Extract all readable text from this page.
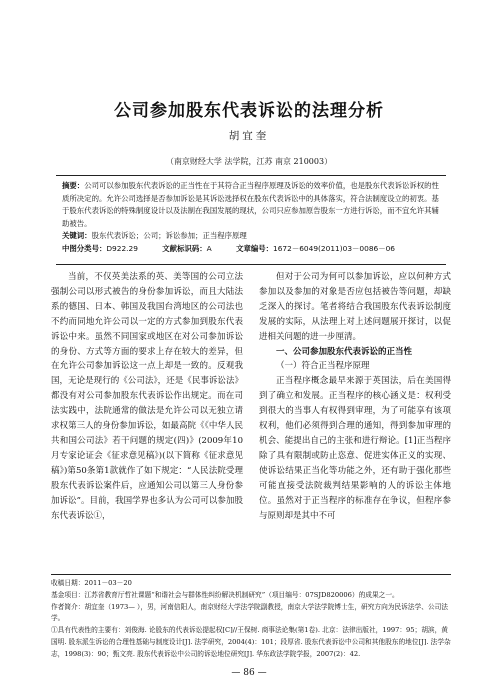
公司参加股东代表诉讼的法理分析
胡宜奎
（南京财经大学 法学院，江苏 南京 210003）

摘要：公司可以参加股东代表诉讼的正当性在于其符合正当程序原理及诉讼的效率价值，也是股东代表诉讼诉权的性质所决定的。允许公司选择是否参加诉讼是其诉讼选择权在股东代表诉讼中的具体落实，符合法制度设立的初衷。基于股东代表诉讼的特殊制度设计以及法制在我国发展的现状，公司只应参加原告股东一方进行诉讼，而不宜允许其辅助被告。

关键词：股东代表诉讼；公司；诉讼参加；正当程序原理

中图分类号：D922.29	文献标识码：A	文章编号：1672－6049(2011)03－0086－06

当前，不仅英美法系的英、美等国的公司立法强制公司以形式被告的身份参加诉讼，而且大陆法系的德国、日本、韩国及我国台湾地区的公司法也不约而同地允许公司以一定的方式参加到股东代表诉讼中来。虽然不同国家或地区在对公司参加诉讼的身份、方式等方面的要求上存在较大的差异，但在允许公司参加诉讼这一点上却是一致的。反观我国，无论是现行的《公司法》，还是《民事诉讼法》都没有对公司参加股东代表诉讼作出规定。而在司法实践中，法院通常的做法是允许公司以无独立请求权第三人的身份参加诉讼，如最高院《《中华人民共和国公司法》若干问题的规定(四)》(2009年10月专家论证会《征求意见稿》)(以下简称《征求意见稿》)第50条第1款就作了如下规定：“人民法院受理股东代表诉讼案件后，应通知公司以第三人身份参加诉讼”。目前，我国学界也多认为公司可以参加股东代表诉讼①，

但对于公司为何可以参加诉讼，应以何种方式参加以及参加的对象是否应包括被告等问题，却缺乏深入的探讨。笔者将结合我国股东代表诉讼制度发展的实际，从法理上对上述问题展开探讨，以促进相关问题的进一步厘清。

一、公司参加股东代表诉讼的正当性

（一）符合正当程序原理

正当程序概念最早来源于英国法，后在美国得到了确立和发展。正当程序的核心涵义是：权利受到很大的当事人有权得到审理，为了可能享有该项权利，他们必须得到合理的通知，得到参加审理的机会、能提出自己的主张和进行辩论。[1]正当程序除了具有限制或防止恣意、促进实体正义的实现、使诉讼结果正当化等功能之外，还有助于强化那些可能直接受法院裁判结果影响的人的诉讼主体地位。虽然对于正当程序的标准存在争议，但程序参与原则却是其中不可

收稿日期：2011－03－20

基金项目：江苏省教育厅哲社课题“和谐社会与群体性纠纷解决机制研究”（项目编号：07SJD820006）的成果之一。

作者简介：胡宜奎（1973— ），男，河南信阳人，南京财经大学法学院副教授，南京大学法学院博士生，研究方向为民诉法学、公司法学。

①具有代表性的主要有：刘俊海. 论股东的代表诉讼提起权[C]//王保树. 商事法论集(第1卷). 北京：法律出版社，1997：95；胡滨，黄国明. 股东派生诉讼的合理性基础与制度设计[J]. 法学研究，2004(4)：101；段厚省. 股东代表诉讼中公司和其他股东的地位[J]. 法学杂志，1998(3)：90；甄文亮. 股东代表诉讼中公司的诉讼地位研究[J]. 华东政法学院学报，2007(2)：42.

— 86 —
